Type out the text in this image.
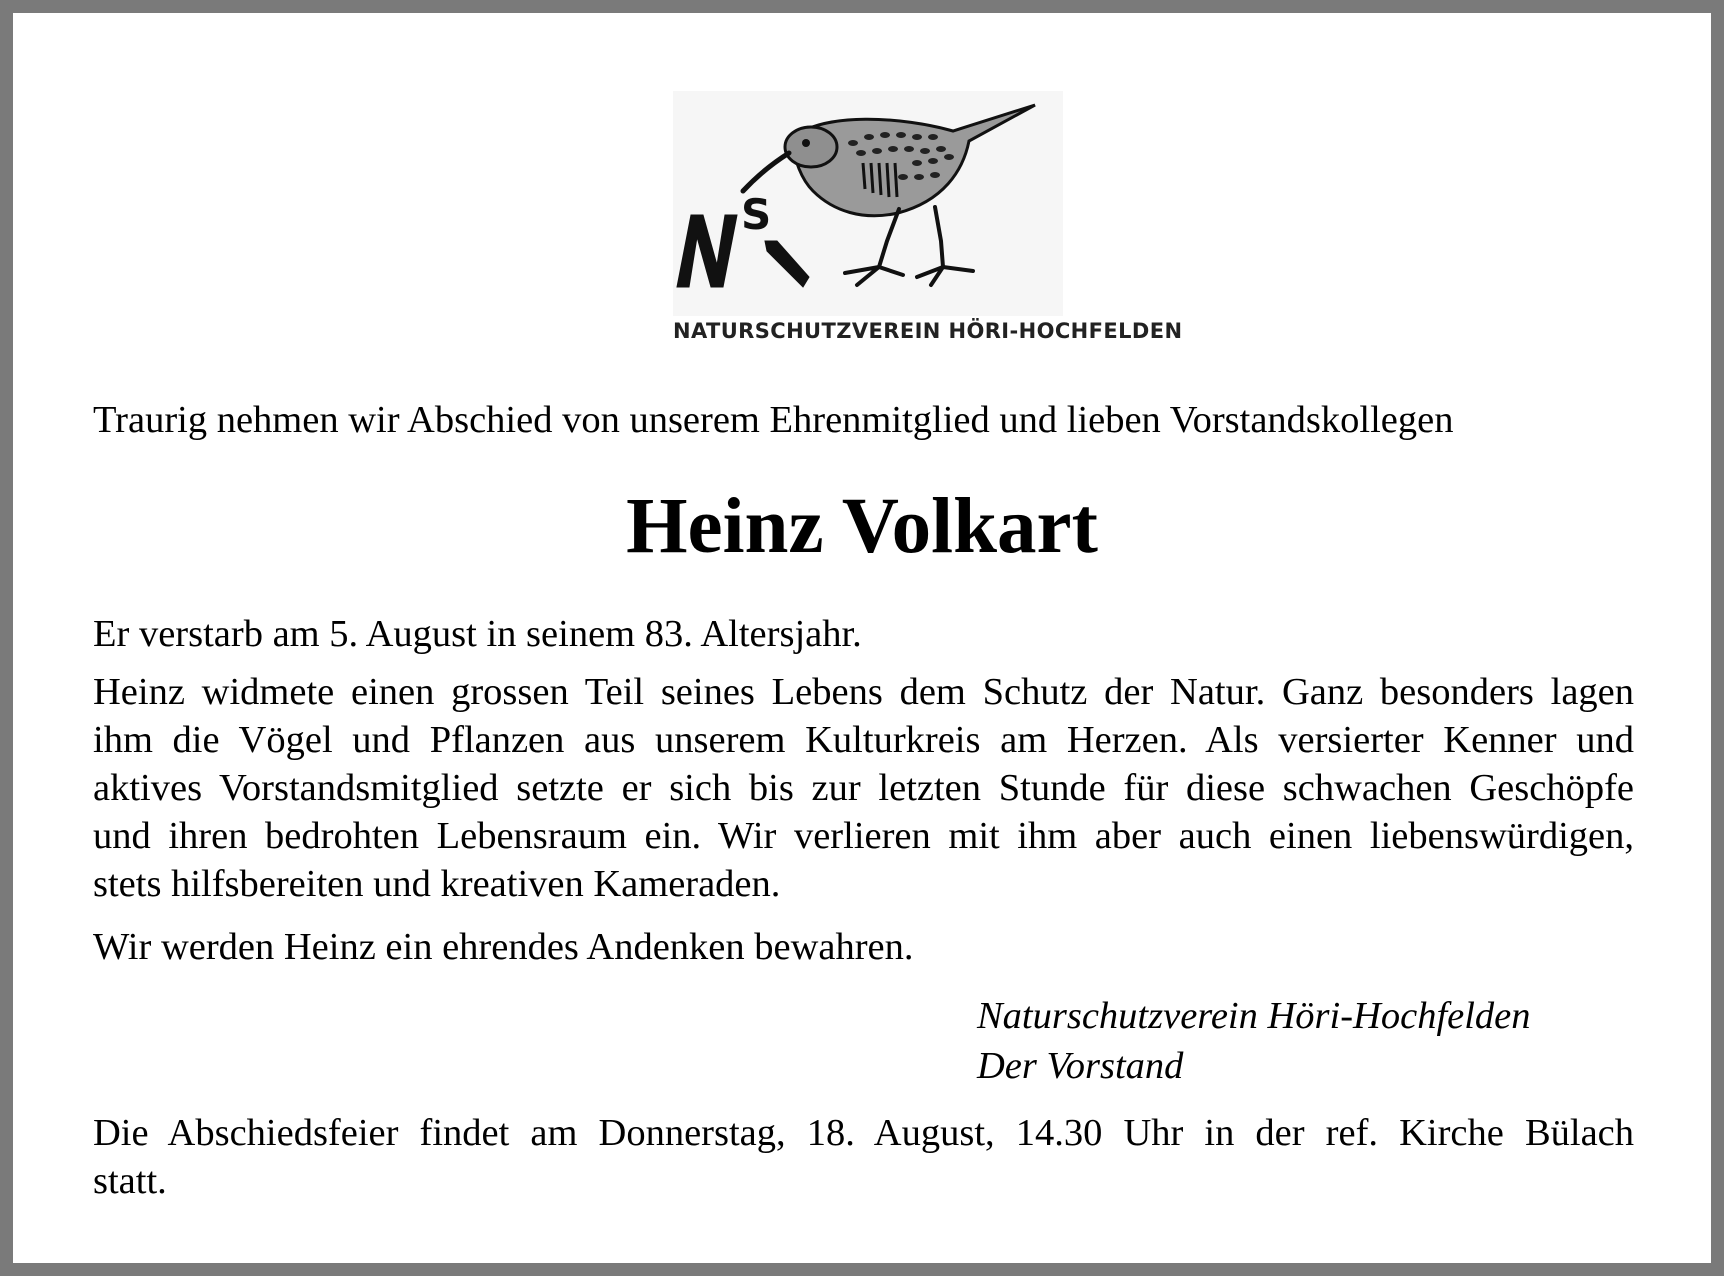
S
NATURSCHUTZVEREIN HÖRI-HOCHFELDEN
Traurig nehmen wir Abschied von unserem Ehrenmitglied und lieben Vorstandskollegen
Heinz Volkart
Er verstarb am 5. August in seinem 83. Altersjahr.
Heinz widmete einen grossen Teil seines Lebens dem Schutz der Natur. Ganz besonders lagen
ihm die Vögel und Pflanzen aus unserem Kulturkreis am Herzen. Als versierter Kenner und
aktives Vorstandsmitglied setzte er sich bis zur letzten Stunde für diese schwachen Geschöpfe
und ihren bedrohten Lebensraum ein. Wir verlieren mit ihm aber auch einen liebenswürdigen,
stets hilfsbereiten und kreativen Kameraden.
Wir werden Heinz ein ehrendes Andenken bewahren.
Naturschutzverein Höri-Hochfelden
Der Vorstand
Die Abschiedsfeier findet am Donnerstag, 18. August, 14.30 Uhr in der ref. Kirche Bülach
statt.
